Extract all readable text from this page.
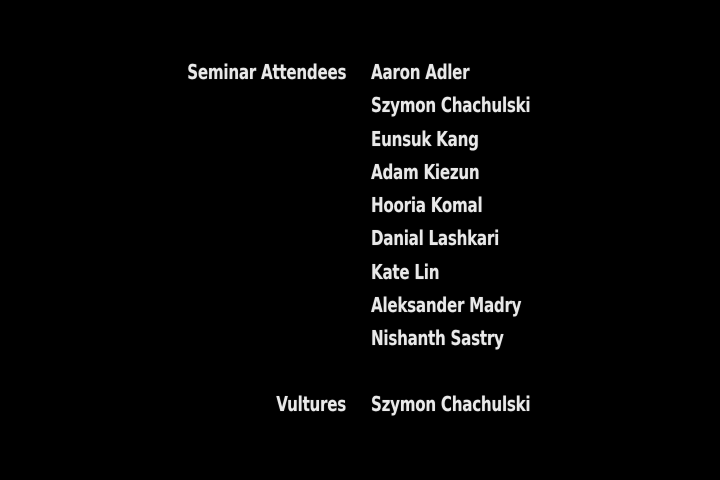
Seminar Attendees Aaron Adler
Szymon Chachulski
Eunsuk Kang
Adam Kiezun
Hooria Komal
Danial Lashkari
Kate Lin
Aleksander Madry
Nishanth Sastry
Vultures Szymon Chachulski
